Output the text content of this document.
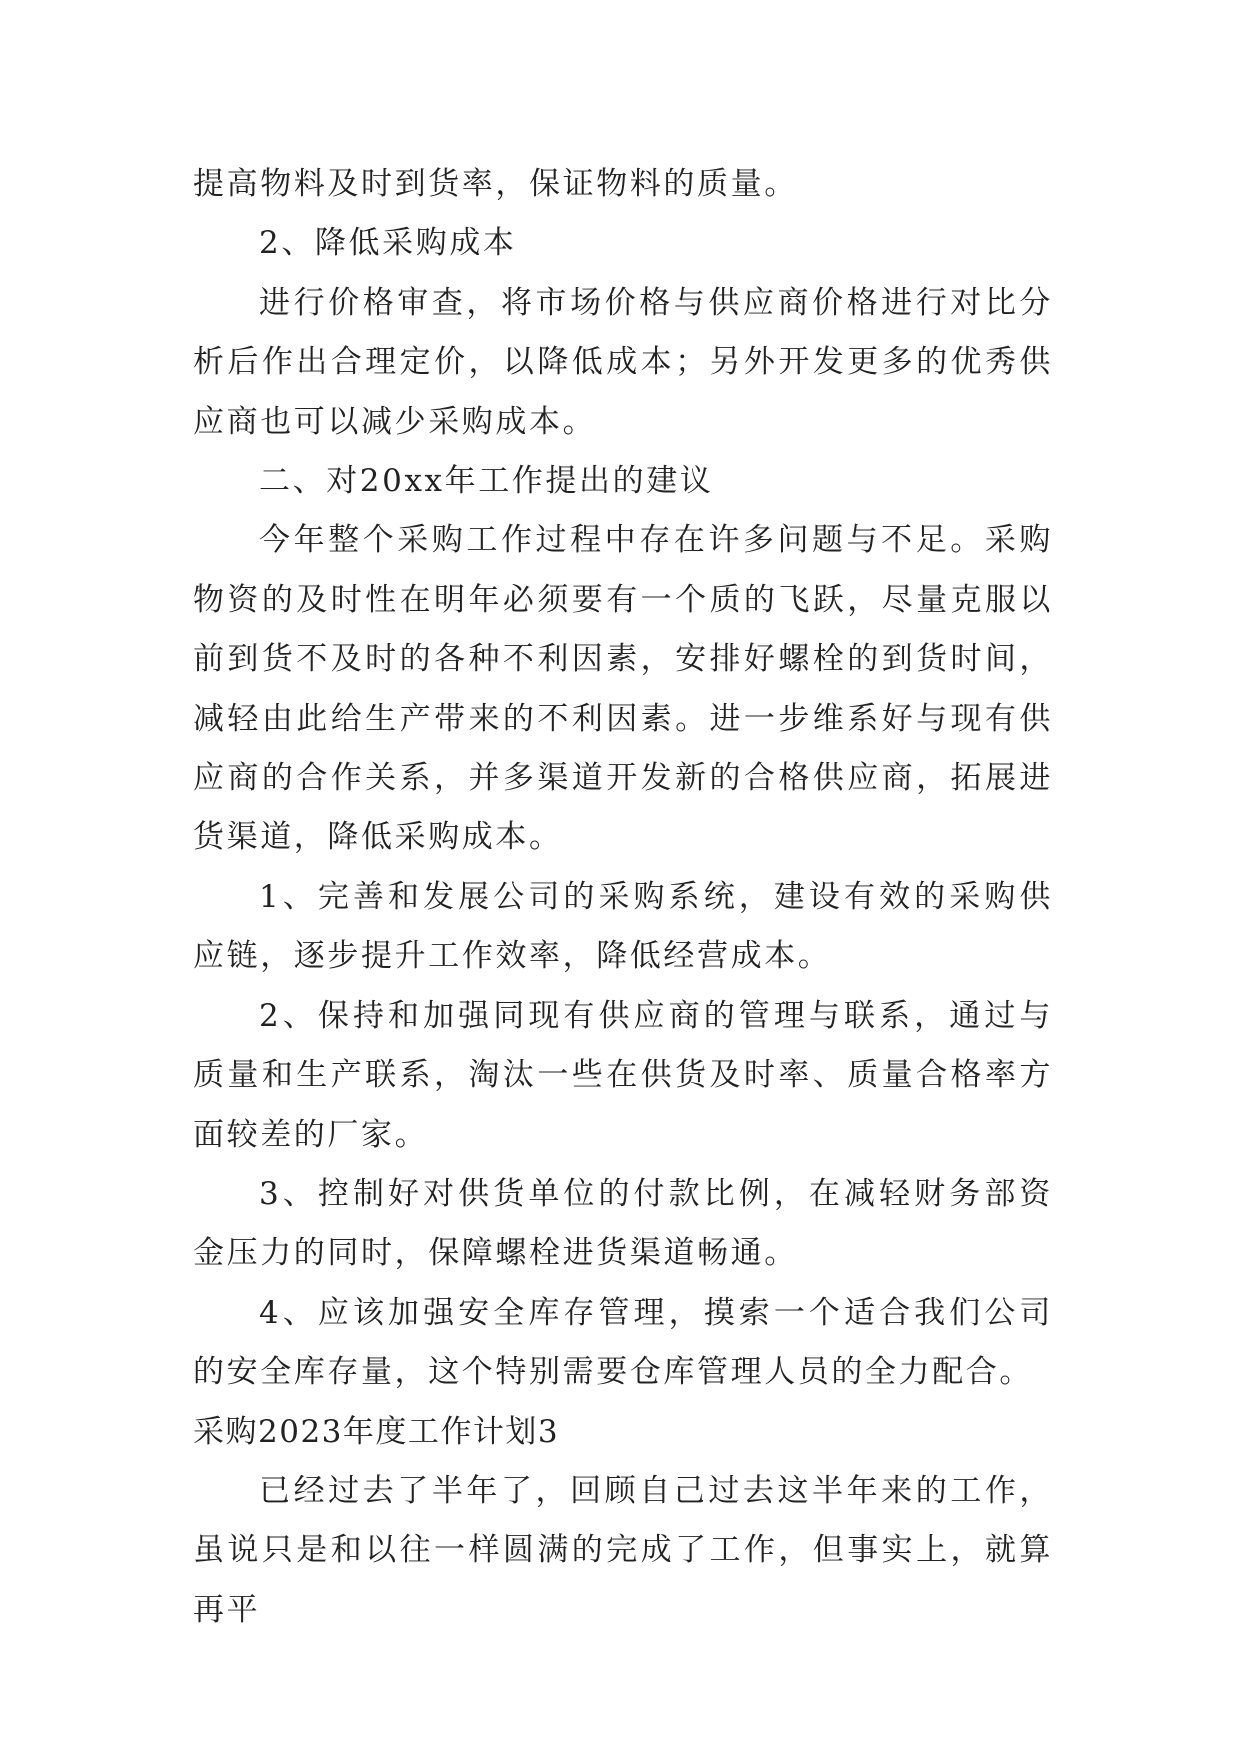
提高物料及时到货率，保证物料的质量。

2、降低采购成本

进行价格审查，将市场价格与供应商价格进行对比分析后作出合理定价，以降低成本；另外开发更多的优秀供应商也可以减少采购成本。

二、对20xx年工作提出的建议

今年整个采购工作过程中存在许多问题与不足。采购物资的及时性在明年必须要有一个质的飞跃，尽量克服以前到货不及时的各种不利因素，安排好螺栓的到货时间，减轻由此给生产带来的不利因素。进一步维系好与现有供应商的合作关系，并多渠道开发新的合格供应商，拓展进货渠道，降低采购成本。

1、完善和发展公司的采购系统，建设有效的采购供应链，逐步提升工作效率，降低经营成本。

2、保持和加强同现有供应商的管理与联系，通过与质量和生产联系，淘汰一些在供货及时率、质量合格率方面较差的厂家。

3、控制好对供货单位的付款比例，在减轻财务部资金压力的同时，保障螺栓进货渠道畅通。

4、应该加强安全库存管理，摸索一个适合我们公司的安全库存量，这个特别需要仓库管理人员的全力配合。

采购2023年度工作计划3

已经过去了半年了，回顾自己过去这半年来的工作，虽说只是和以往一样圆满的完成了工作，但事实上，就算再平
